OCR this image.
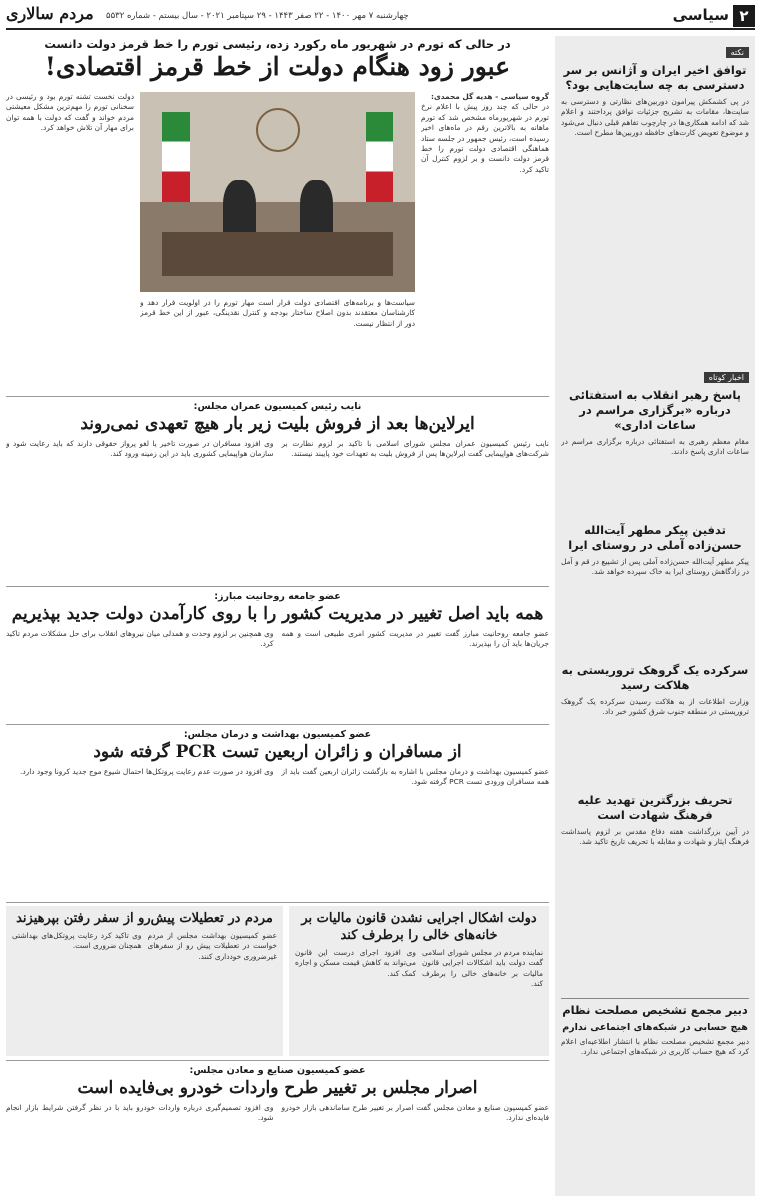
۲
سیاسی
چهارشنبه ۷ مهر ۱۴۰۰ - ۲۲ صفر ۱۴۴۳ - ۲۹ سپتامبر ۲۰۲۱ - سال بیستم - شماره ۵۵۳۲
مردم سالاری
نکته
توافق اخیر ایران و آژانس بر سر دسترسی به چه سایت‌هایی بود؟
در پی کشمکش پیرامون دوربین‌های نظارتی و دسترسی به سایت‌ها، مقامات به تشریح جزئیات توافق پرداختند و اعلام شد که ادامه همکاری‌ها در چارچوب تفاهم قبلی دنبال می‌شود و موضوع تعویض کارت‌های حافظه دوربین‌ها مطرح است.
اخبار کوتاه
پاسخ رهبر انقلاب به استفتائی درباره «برگزاری مراسم در ساعات اداری»
مقام معظم رهبری به استفتائی درباره برگزاری مراسم در ساعات اداری پاسخ دادند.
تدفین پیکر مطهر آیت‌الله حسن‌زاده آملی در روستای ایرا
پیکر مطهر آیت‌الله حسن‌زاده آملی پس از تشییع در قم و آمل در زادگاهش روستای ایرا به خاک سپرده خواهد شد.
سرکرده یک گروهک تروریستی به هلاکت رسید
وزارت اطلاعات از به هلاکت رسیدن سرکرده یک گروهک تروریستی در منطقه جنوب شرق کشور خبر داد.
تحریف بزرگترین تهدید علیه فرهنگ شهادت است
در آیین بزرگداشت هفته دفاع مقدس بر لزوم پاسداشت فرهنگ ایثار و شهادت و مقابله با تحریف تاریخ تاکید شد.
دبیر مجمع تشخیص مصلحت نظام
هیچ حسابی در شبکه‌های اجتماعی ندارم
دبیر مجمع تشخیص مصلحت نظام با انتشار اطلاعیه‌ای اعلام کرد که هیچ حساب کاربری در شبکه‌های اجتماعی ندارد.
در حالی که تورم در شهریور ماه رکورد زده، رئیسی تورم را خط قرمز دولت دانست
عبور زود هنگام دولت از خط قرمز اقتصادی!
گروه سیاسی - هدیه گل محمدی:
در حالی که چند روز پیش با اعلام نرخ تورم در شهریورماه مشخص شد که تورم ماهانه به بالاترین رقم در ماه‌های اخیر رسیده است، رئیس جمهور در جلسه ستاد هماهنگی اقتصادی دولت تورم را خط قرمز دولت دانست و بر لزوم کنترل آن تاکید کرد.
سیاست‌ها و برنامه‌های اقتصادی دولت قرار است مهار تورم را در اولویت قرار دهد و کارشناسان معتقدند بدون اصلاح ساختار بودجه و کنترل نقدینگی، عبور از این خط قرمز دور از انتظار نیست.
دولت نخست تشنه تورم بود و رئیسی در سخنانی تورم را مهم‌ترین مشکل معیشتی مردم خواند و گفت که دولت با همه توان برای مهار آن تلاش خواهد کرد.
نایب رئیس کمیسیون عمران مجلس:
ایرلاین‌ها بعد از فروش بلیت زیر بار هیچ تعهدی نمی‌روند
نایب رئیس کمیسیون عمران مجلس شورای اسلامی با تاکید بر لزوم نظارت بر شرکت‌های هواپیمایی گفت ایرلاین‌ها پس از فروش بلیت به تعهدات خود پایبند نیستند.
وی افزود مسافران در صورت تاخیر یا لغو پرواز حقوقی دارند که باید رعایت شود و سازمان هواپیمایی کشوری باید در این زمینه ورود کند.
عضو جامعه روحانیت مبارز:
همه باید اصل تغییر در مدیریت کشور را با روی کارآمدن دولت جدید بپذیریم
عضو جامعه روحانیت مبارز گفت تغییر در مدیریت کشور امری طبیعی است و همه جریان‌ها باید آن را بپذیرند.
وی همچنین بر لزوم وحدت و همدلی میان نیروهای انقلاب برای حل مشکلات مردم تاکید کرد.
عضو کمیسیون بهداشت و درمان مجلس:
از مسافران و زائران اربعین تست PCR گرفته شود
عضو کمیسیون بهداشت و درمان مجلس با اشاره به بازگشت زائران اربعین گفت باید از همه مسافران ورودی تست PCR گرفته شود.
وی افزود در صورت عدم رعایت پروتکل‌ها احتمال شیوع موج جدید کرونا وجود دارد.
دولت اشکال اجرایی نشدن قانون مالیات بر خانه‌های خالی را برطرف کند
نماینده مردم در مجلس شورای اسلامی گفت دولت باید اشکالات اجرایی قانون مالیات بر خانه‌های خالی را برطرف کند.
وی افزود اجرای درست این قانون می‌تواند به کاهش قیمت مسکن و اجاره کمک کند.
مردم در تعطیلات پیش‌رو از سفر رفتن بپرهیزند
عضو کمیسیون بهداشت مجلس از مردم خواست در تعطیلات پیش رو از سفرهای غیرضروری خودداری کنند.
وی تاکید کرد رعایت پروتکل‌های بهداشتی همچنان ضروری است.
عضو کمیسیون صنایع و معادن مجلس:
اصرار مجلس بر تغییر طرح واردات خودرو بی‌فایده است
عضو کمیسیون صنایع و معادن مجلس گفت اصرار بر تغییر طرح ساماندهی بازار خودرو فایده‌ای ندارد.
وی افزود تصمیم‌گیری درباره واردات خودرو باید با در نظر گرفتن شرایط بازار انجام شود.
